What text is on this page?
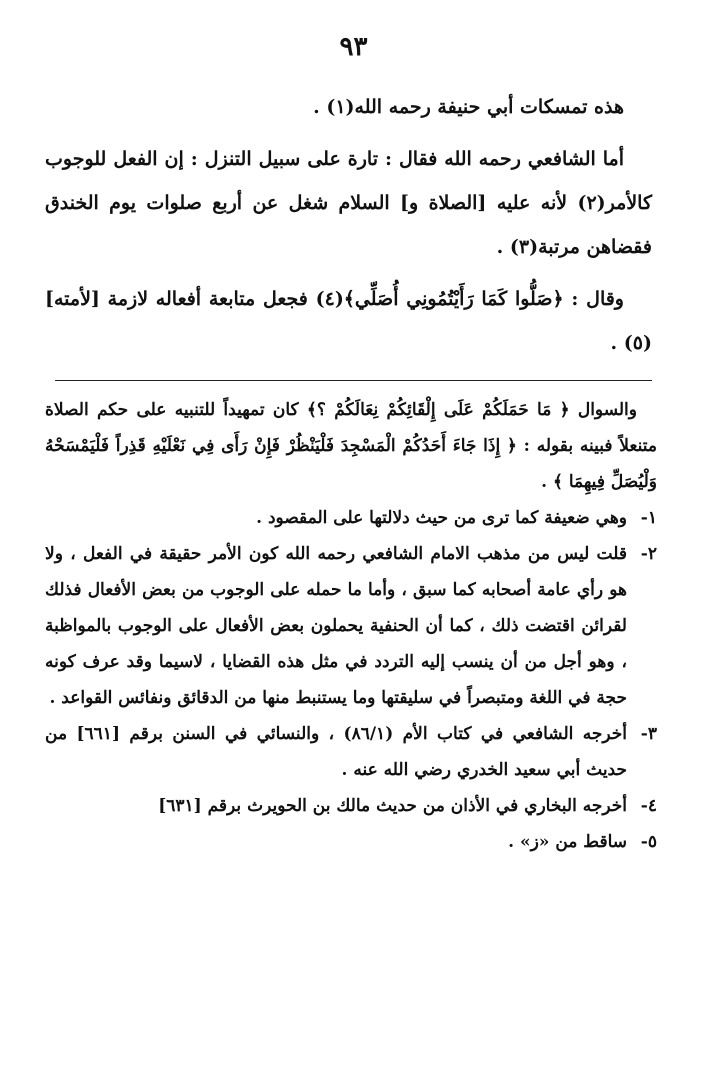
٩٣

هذه تمسكات أبي حنيفة رحمه الله(١) .

أما الشافعي رحمه الله فقال : تارة على سبيل التنزل : إن الفعل للوجوب كالأمر(٢) لأنه عليه [الصلاة و] السلام شغل عن أربع صلوات يوم الخندق فقضاهن مرتبة(٣) .

وقال : ﴿صَلُّوا كَمَا رَأَيْتُمُونِي أُصَلِّي﴾(٤) فجعل متابعة أفعاله لازمة [لأمته](٥) .

والسوال ﴿ مَا حَمَلَكُمْ عَلَى إِلْقَائِكُمْ نِعَالَكُمْ ؟﴾ كان تمهيداً للتنبيه على حكم الصلاة متنعلاً فبينه بقوله : ﴿ إِذَا جَاءَ أَحَدُكُمْ الْمَسْجِدَ فَلْيَنْظُرْ فَإِنْ رَأَى فِي نَعْلَيْهِ قَذِراً فَلْيَمْسَحْهُ وَلْيُصَلِّ فِيهِمَا ﴾ .

١-
وهي ضعيفة كما ترى من حيث دلالتها على المقصود .
٢-
قلت ليس من مذهب الامام الشافعي رحمه الله كون الأمر حقيقة في الفعل ، ولا هو رأي عامة أصحابه كما سبق ، وأما ما حمله على الوجوب من بعض الأفعال فذلك لقرائن اقتضت ذلك ، كما أن الحنفية يحملون بعض الأفعال على الوجوب بالمواظبة ، وهو أجل من أن ينسب إليه التردد في مثل هذه القضايا ، لاسيما وقد عرف كونه حجة في اللغة ومتبصراً في سليقتها وما يستنبط منها من الدقائق ونفائس القواعد .
٣-
أخرجه الشافعي في كتاب الأم (٨٦/١) ، والنسائي في السنن برقم [٦٦١] من حديث أبي سعيد الخدري رضي الله عنه .
٤-
أخرجه البخاري في الأذان من حديث مالك بن الحويرث برقم [٦٣١]
٥-
ساقط من «ز» .
